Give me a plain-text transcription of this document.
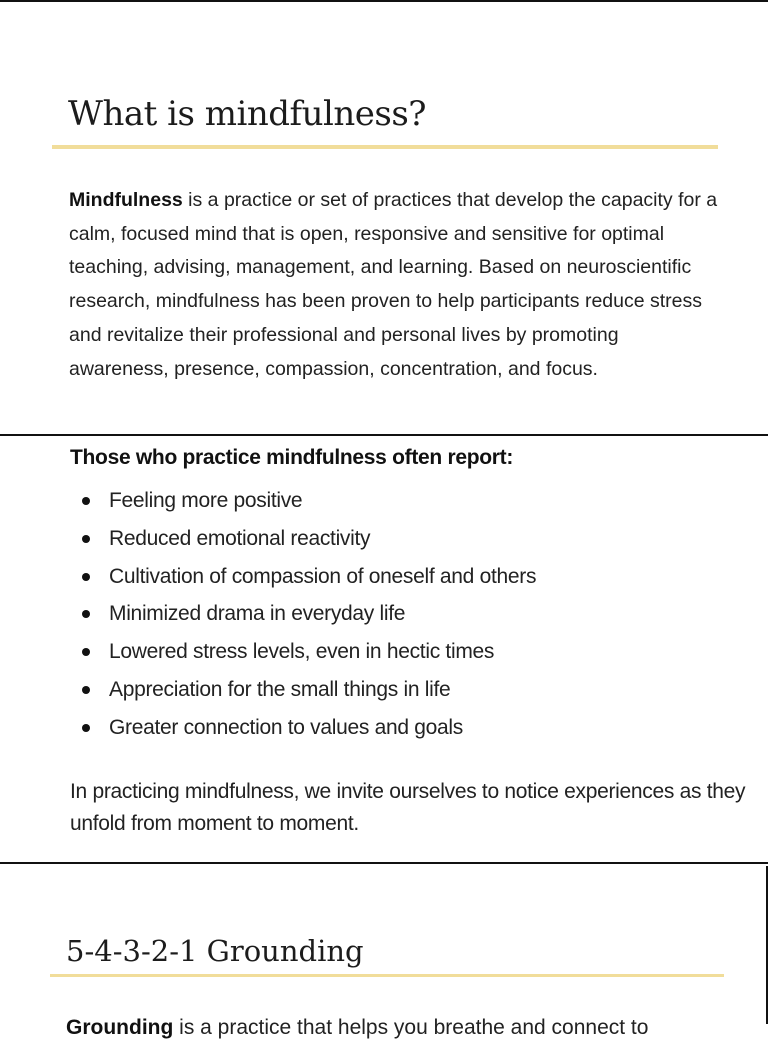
What is mindfulness?

Mindfulness is a practice or set of practices that develop the capacity for a calm, focused mind that is open, responsive and sensitive for optimal teaching, advising, management, and learning. Based on neuroscientific research, mindfulness has been proven to help participants reduce stress and revitalize their professional and personal lives by promoting awareness, presence, compassion, concentration, and focus.

Those who practice mindfulness often report:
Feeling more positive
Reduced emotional reactivity
Cultivation of compassion of oneself and others
Minimized drama in everyday life
Lowered stress levels, even in hectic times
Appreciation for the small things in life
Greater connection to values and goals

In practicing mindfulness, we invite ourselves to notice experiences as they unfold from moment to moment.

5-4-3-2-1 Grounding

Grounding is a practice that helps you breathe and connect to
